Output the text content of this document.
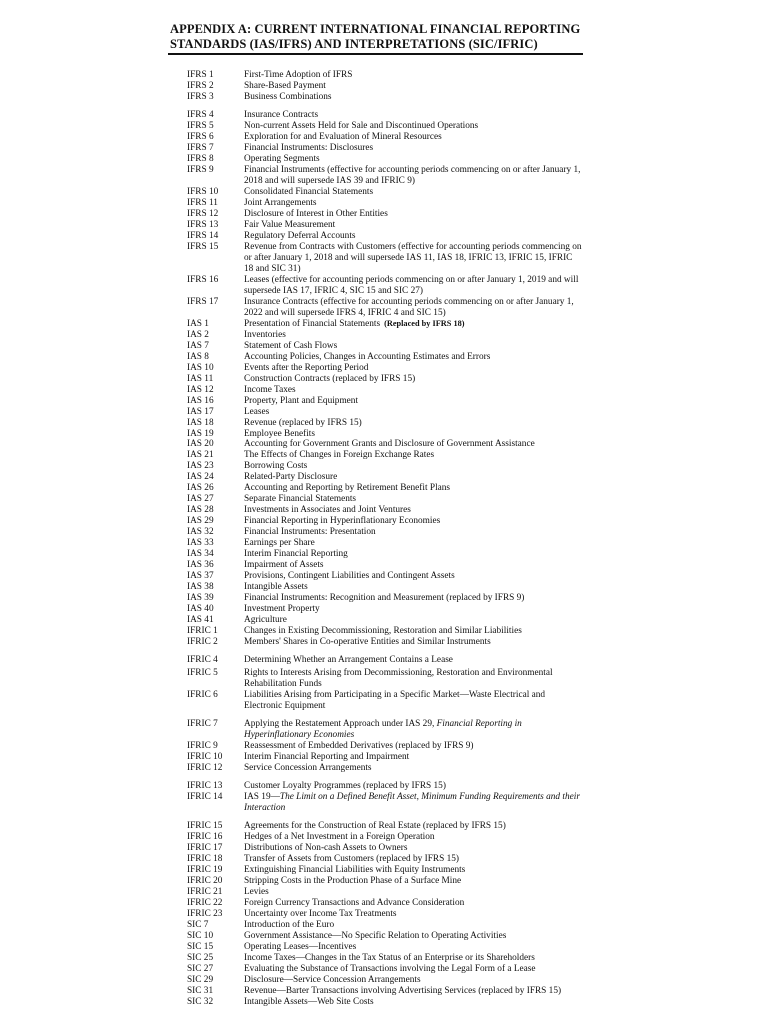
APPENDIX A: CURRENT INTERNATIONAL FINANCIAL REPORTING
STANDARDS (IAS/IFRS) AND INTERPRETATIONS (SIC/IFRIC)
IFRS 1	First-Time Adoption of IFRS
IFRS 2	Share-Based Payment
IFRS 3	Business Combinations
IFRS 4	Insurance Contracts
IFRS 5	Non-current Assets Held for Sale and Discontinued Operations
IFRS 6	Exploration for and Evaluation of Mineral Resources
IFRS 7	Financial Instruments: Disclosures
IFRS 8	Operating Segments
IFRS 9	Financial Instruments (effective for accounting periods commencing on or after January 1, 2018 and will supersede IAS 39 and IFRIC 9)
IFRS 10	Consolidated Financial Statements
IFRS 11	Joint Arrangements
IFRS 12	Disclosure of Interest in Other Entities
IFRS 13	Fair Value Measurement
IFRS 14	Regulatory Deferral Accounts
IFRS 15	Revenue from Contracts with Customers (effective for accounting periods commencing on or after January 1, 2018 and will supersede IAS 11, IAS 18, IFRIC 13, IFRIC 15, IFRIC 18 and SIC 31)
IFRS 16	Leases (effective for accounting periods commencing on or after January 1, 2019 and will supersede IAS 17, IFRIC 4, SIC 15 and SIC 27)
IFRS 17	Insurance Contracts (effective for accounting periods commencing on or after January 1, 2022 and will supersede IFRS 4, IFRIC 4 and SIC 15)
IAS 1	Presentation of Financial Statements (Replaced by IFRS 18)
IAS 2	Inventories
IAS 7	Statement of Cash Flows
IAS 8	Accounting Policies, Changes in Accounting Estimates and Errors
IAS 10	Events after the Reporting Period
IAS 11	Construction Contracts (replaced by IFRS 15)
IAS 12	Income Taxes
IAS 16	Property, Plant and Equipment
IAS 17	Leases
IAS 18	Revenue (replaced by IFRS 15)
IAS 19	Employee Benefits
IAS 20	Accounting for Government Grants and Disclosure of Government Assistance
IAS 21	The Effects of Changes in Foreign Exchange Rates
IAS 23	Borrowing Costs
IAS 24	Related-Party Disclosure
IAS 26	Accounting and Reporting by Retirement Benefit Plans
IAS 27	Separate Financial Statements
IAS 28	Investments in Associates and Joint Ventures
IAS 29	Financial Reporting in Hyperinflationary Economies
IAS 32	Financial Instruments: Presentation
IAS 33	Earnings per Share
IAS 34	Interim Financial Reporting
IAS 36	Impairment of Assets
IAS 37	Provisions, Contingent Liabilities and Contingent Assets
IAS 38	Intangible Assets
IAS 39	Financial Instruments: Recognition and Measurement (replaced by IFRS 9)
IAS 40	Investment Property
IAS 41	Agriculture
IFRIC 1	Changes in Existing Decommissioning, Restoration and Similar Liabilities
IFRIC 2	Members' Shares in Co-operative Entities and Similar Instruments
IFRIC 4	Determining Whether an Arrangement Contains a Lease
IFRIC 5	Rights to Interests Arising from Decommissioning, Restoration and Environmental Rehabilitation Funds
IFRIC 6	Liabilities Arising from Participating in a Specific Market—Waste Electrical and Electronic Equipment
IFRIC 7	Applying the Restatement Approach under IAS 29, Financial Reporting in Hyperinflationary Economies
IFRIC 9	Reassessment of Embedded Derivatives (replaced by IFRS 9)
IFRIC 10	Interim Financial Reporting and Impairment
IFRIC 12	Service Concession Arrangements
IFRIC 13	Customer Loyalty Programmes (replaced by IFRS 15)
IFRIC 14	IAS 19—The Limit on a Defined Benefit Asset, Minimum Funding Requirements and their Interaction
IFRIC 15	Agreements for the Construction of Real Estate (replaced by IFRS 15)
IFRIC 16	Hedges of a Net Investment in a Foreign Operation
IFRIC 17	Distributions of Non-cash Assets to Owners
IFRIC 18	Transfer of Assets from Customers (replaced by IFRS 15)
IFRIC 19	Extinguishing Financial Liabilities with Equity Instruments
IFRIC 20	Stripping Costs in the Production Phase of a Surface Mine
IFRIC 21	Levies
IFRIC 22	Foreign Currency Transactions and Advance Consideration
IFRIC 23	Uncertainty over Income Tax Treatments
SIC 7	Introduction of the Euro
SIC 10	Government Assistance—No Specific Relation to Operating Activities
SIC 15	Operating Leases—Incentives
SIC 25	Income Taxes—Changes in the Tax Status of an Enterprise or its Shareholders
SIC 27	Evaluating the Substance of Transactions involving the Legal Form of a Lease
SIC 29	Disclosure—Service Concession Arrangements
SIC 31	Revenue—Barter Transactions involving Advertising Services (replaced by IFRS 15)
SIC 32	Intangible Assets—Web Site Costs
